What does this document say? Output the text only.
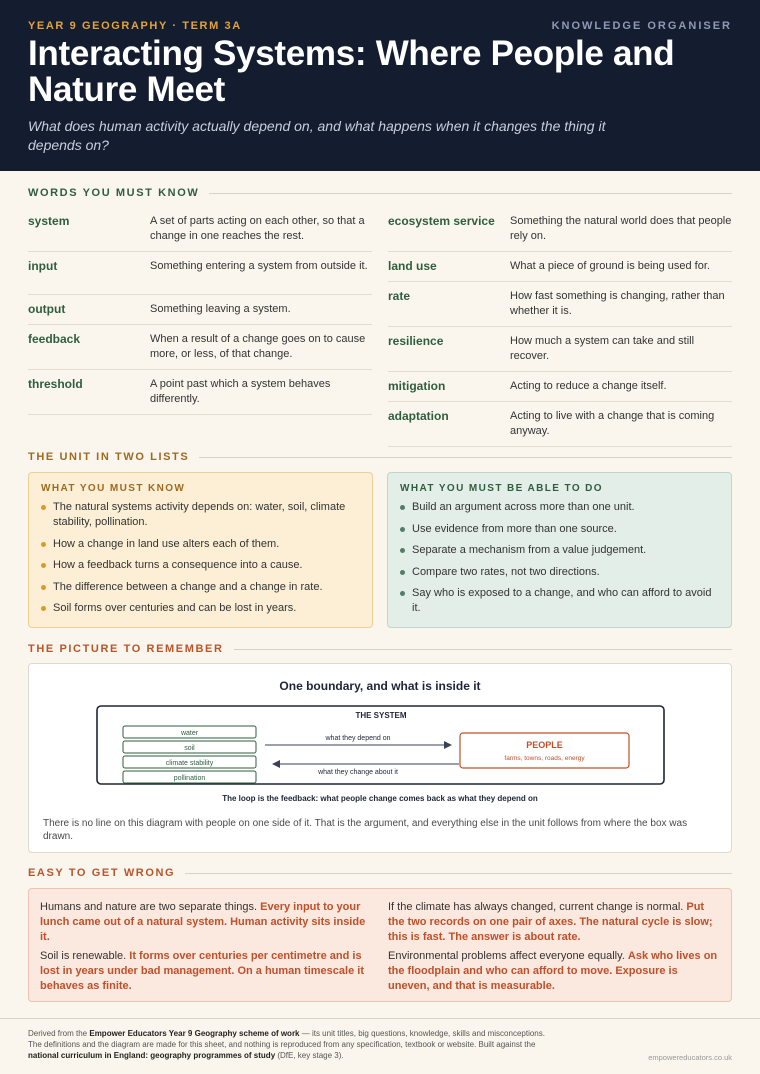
YEAR 9 GEOGRAPHY · TERM 3A	KNOWLEDGE ORGANISER
Interacting Systems: Where People and Nature Meet

What does human activity actually depend on, and what happens when it changes the thing it depends on?

WORDS YOU MUST KNOW
system	A set of parts acting on each other, so that a change in one reaches the rest.
input	Something entering a system from outside it.
output	Something leaving a system.
feedback	When a result of a change goes on to cause more, or less, of that change.
threshold	A point past which a system behaves differently.
ecosystem service	Something the natural world does that people rely on.
land use	What a piece of ground is being used for.
rate	How fast something is changing, rather than whether it is.
resilience	How much a system can take and still recover.
mitigation	Acting to reduce a change itself.
adaptation	Acting to live with a change that is coming anyway.
THE UNIT IN TWO LISTS
WHAT YOU MUST KNOW
The natural systems activity depends on: water, soil, climate stability, pollination.
How a change in land use alters each of them.
How a feedback turns a consequence into a cause.
The difference between a change and a change in rate.
Soil forms over centuries and can be lost in years.
WHAT YOU MUST BE ABLE TO DO
Build an argument across more than one unit.
Use evidence from more than one source.
Separate a mechanism from a value judgement.
Compare two rates, not two directions.
Say who is exposed to a change, and who can afford to avoid it.
THE PICTURE TO REMEMBER
One boundary, and what is inside it
THE SYSTEM
water
soil
climate stability
pollination
what they depend on
what they change about it
PEOPLE
farms, towns, roads, energy
The loop is the feedback: what people change comes back as what they depend on
There is no line on this diagram with people on one side of it. That is the argument, and everything else in the unit follows from where the box was drawn.
EASY TO GET WRONG
Humans and nature are two separate things. Every input to your lunch came out of a natural system. Human activity sits inside it.
If the climate has always changed, current change is normal. Put the two records on one pair of axes. The natural cycle is slow; this is fast. The answer is about rate.
Soil is renewable. It forms over centuries per centimetre and is lost in years under bad management. On a human timescale it behaves as finite.
Environmental problems affect everyone equally. Ask who lives on the floodplain and who can afford to move. Exposure is uneven, and that is measurable.
Derived from the Empower Educators Year 9 Geography scheme of work — its unit titles, big questions, knowledge, skills and misconceptions. The definitions and the diagram are made for this sheet, and nothing is reproduced from any specification, textbook or website. Built against the national curriculum in England: geography programmes of study (DfE, key stage 3).	empowereducators.co.uk
